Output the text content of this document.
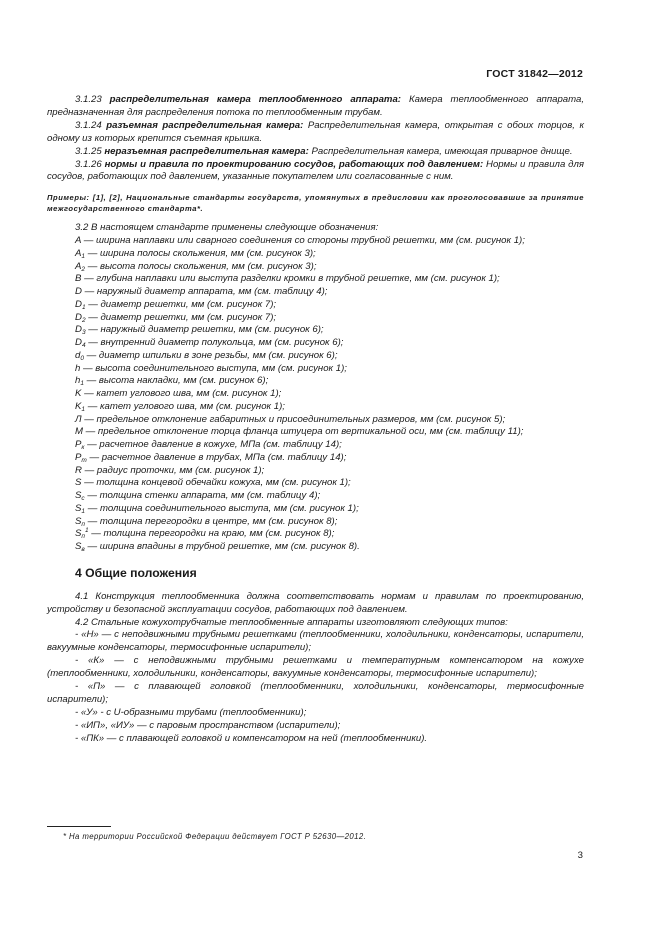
ГОСТ 31842—2012

3.1.23 распределительная камера теплообменного аппарата: Камера теплообменного аппарата, предназначенная для распределения потока по теплообменным трубам.

3.1.24 разъемная распределительная камера: Распределительная камера, открытая с обоих торцов, к одному из которых крепится съемная крышка.

3.1.25 неразъемная распределительная камера: Распределительная камера, имеющая приварное днище.

3.1.26 нормы и правила по проектированию сосудов, работающих под давлением: Нормы и правила для сосудов, работающих под давлением, указанные покупателем или согласованные с ним.

Примеры: [1], [2], Национальные стандарты государств, упомянутых в предисловии как проголосовавшие за принятие межгосударственного стандарта*.

3.2 В настоящем стандарте применены следующие обозначения:

A — ширина наплавки или сварного соединения со стороны трубной решетки, мм (см. рисунок 1);

$A_1$ — ширина полосы скольжения, мм (см. рисунок 3);
$A_2$ — высота полосы скольжения, мм (см. рисунок 3);
B — глубина наплавки или выступа разделки кромки в трубной решетке, мм (см. рисунок 1);
D — наружный диаметр аппарата, мм (см. таблицу 4);
$D_1$ — диаметр решетки, мм (см. рисунок 7);
$D_2$ — диаметр решетки, мм (см. рисунок 7);
$D_3$ — наружный диаметр решетки, мм (см. рисунок 6);
$D_4$ — внутренний диаметр полукольца, мм (см. рисунок 6);
$d_0$ — диаметр шпильки в зоне резьбы, мм (см. рисунок 6);
h — высота соединительного выступа, мм (см. рисунок 1);
$h_1$ — высота накладки, мм (см. рисунок 6);
K — катет углового шва, мм (см. рисунок 1);
$K_1$ — катет углового шва, мм (см. рисунок 1);
Л — предельное отклонение габаритных и присоединительных размеров, мм (см. рисунок 5);
M — предельное отклонение торца фланца штуцера от вертикальной оси, мм (см. таблицу 11);
$P_к$ — расчетное давление в кожухе, МПа (см. таблицу 14);
$P_т$ — расчетное давление в трубах, МПа (см. таблицу 14);
R — радиус проточки, мм (см. рисунок 1);
S — толщина концевой обечайки кожуха, мм (см. рисунок 1);
$S_c$ — толщина стенки аппарата, мм (см. таблицу 4);
$S_1$ — толщина соединительного выступа, мм (см. рисунок 1);
$S_п$ — толщина перегородки в центре, мм (см. рисунок 8);
$S_п^1$ — толщина перегородки на краю, мм (см. рисунок 8);
$S_в$ — ширина впадины в трубной решетке, мм (см. рисунок 8).
4 Общие положения

4.1 Конструкция теплообменника должна соответствовать нормам и правилам по проектированию, устройству и безопасной эксплуатации сосудов, работающих под давлением.

4.2 Стальные кожухотрубчатые теплообменные аппараты изготовляют следующих типов:

- «Н» — с неподвижными трубными решетками (теплообменники, холодильники, конденсаторы, испарители, вакуумные конденсаторы, термосифонные испарители);

- «К» — с неподвижными трубными решетками и температурным компенсатором на кожухе (теплообменники, холодильники, конденсаторы, вакуумные конденсаторы, термосифонные испарители);

- «П» — с плавающей головкой (теплообменники, холодильники, конденсаторы, термосифонные испарители);

- «У» - с U-образными трубами (теплообменники);

- «ИП», «ИУ» — с паровым пространством (испарители);

- «ПК» — с плавающей головкой и компенсатором на ней (теплообменники).

* На территории Российской Федерации действует ГОСТ Р 52630—2012.
3
